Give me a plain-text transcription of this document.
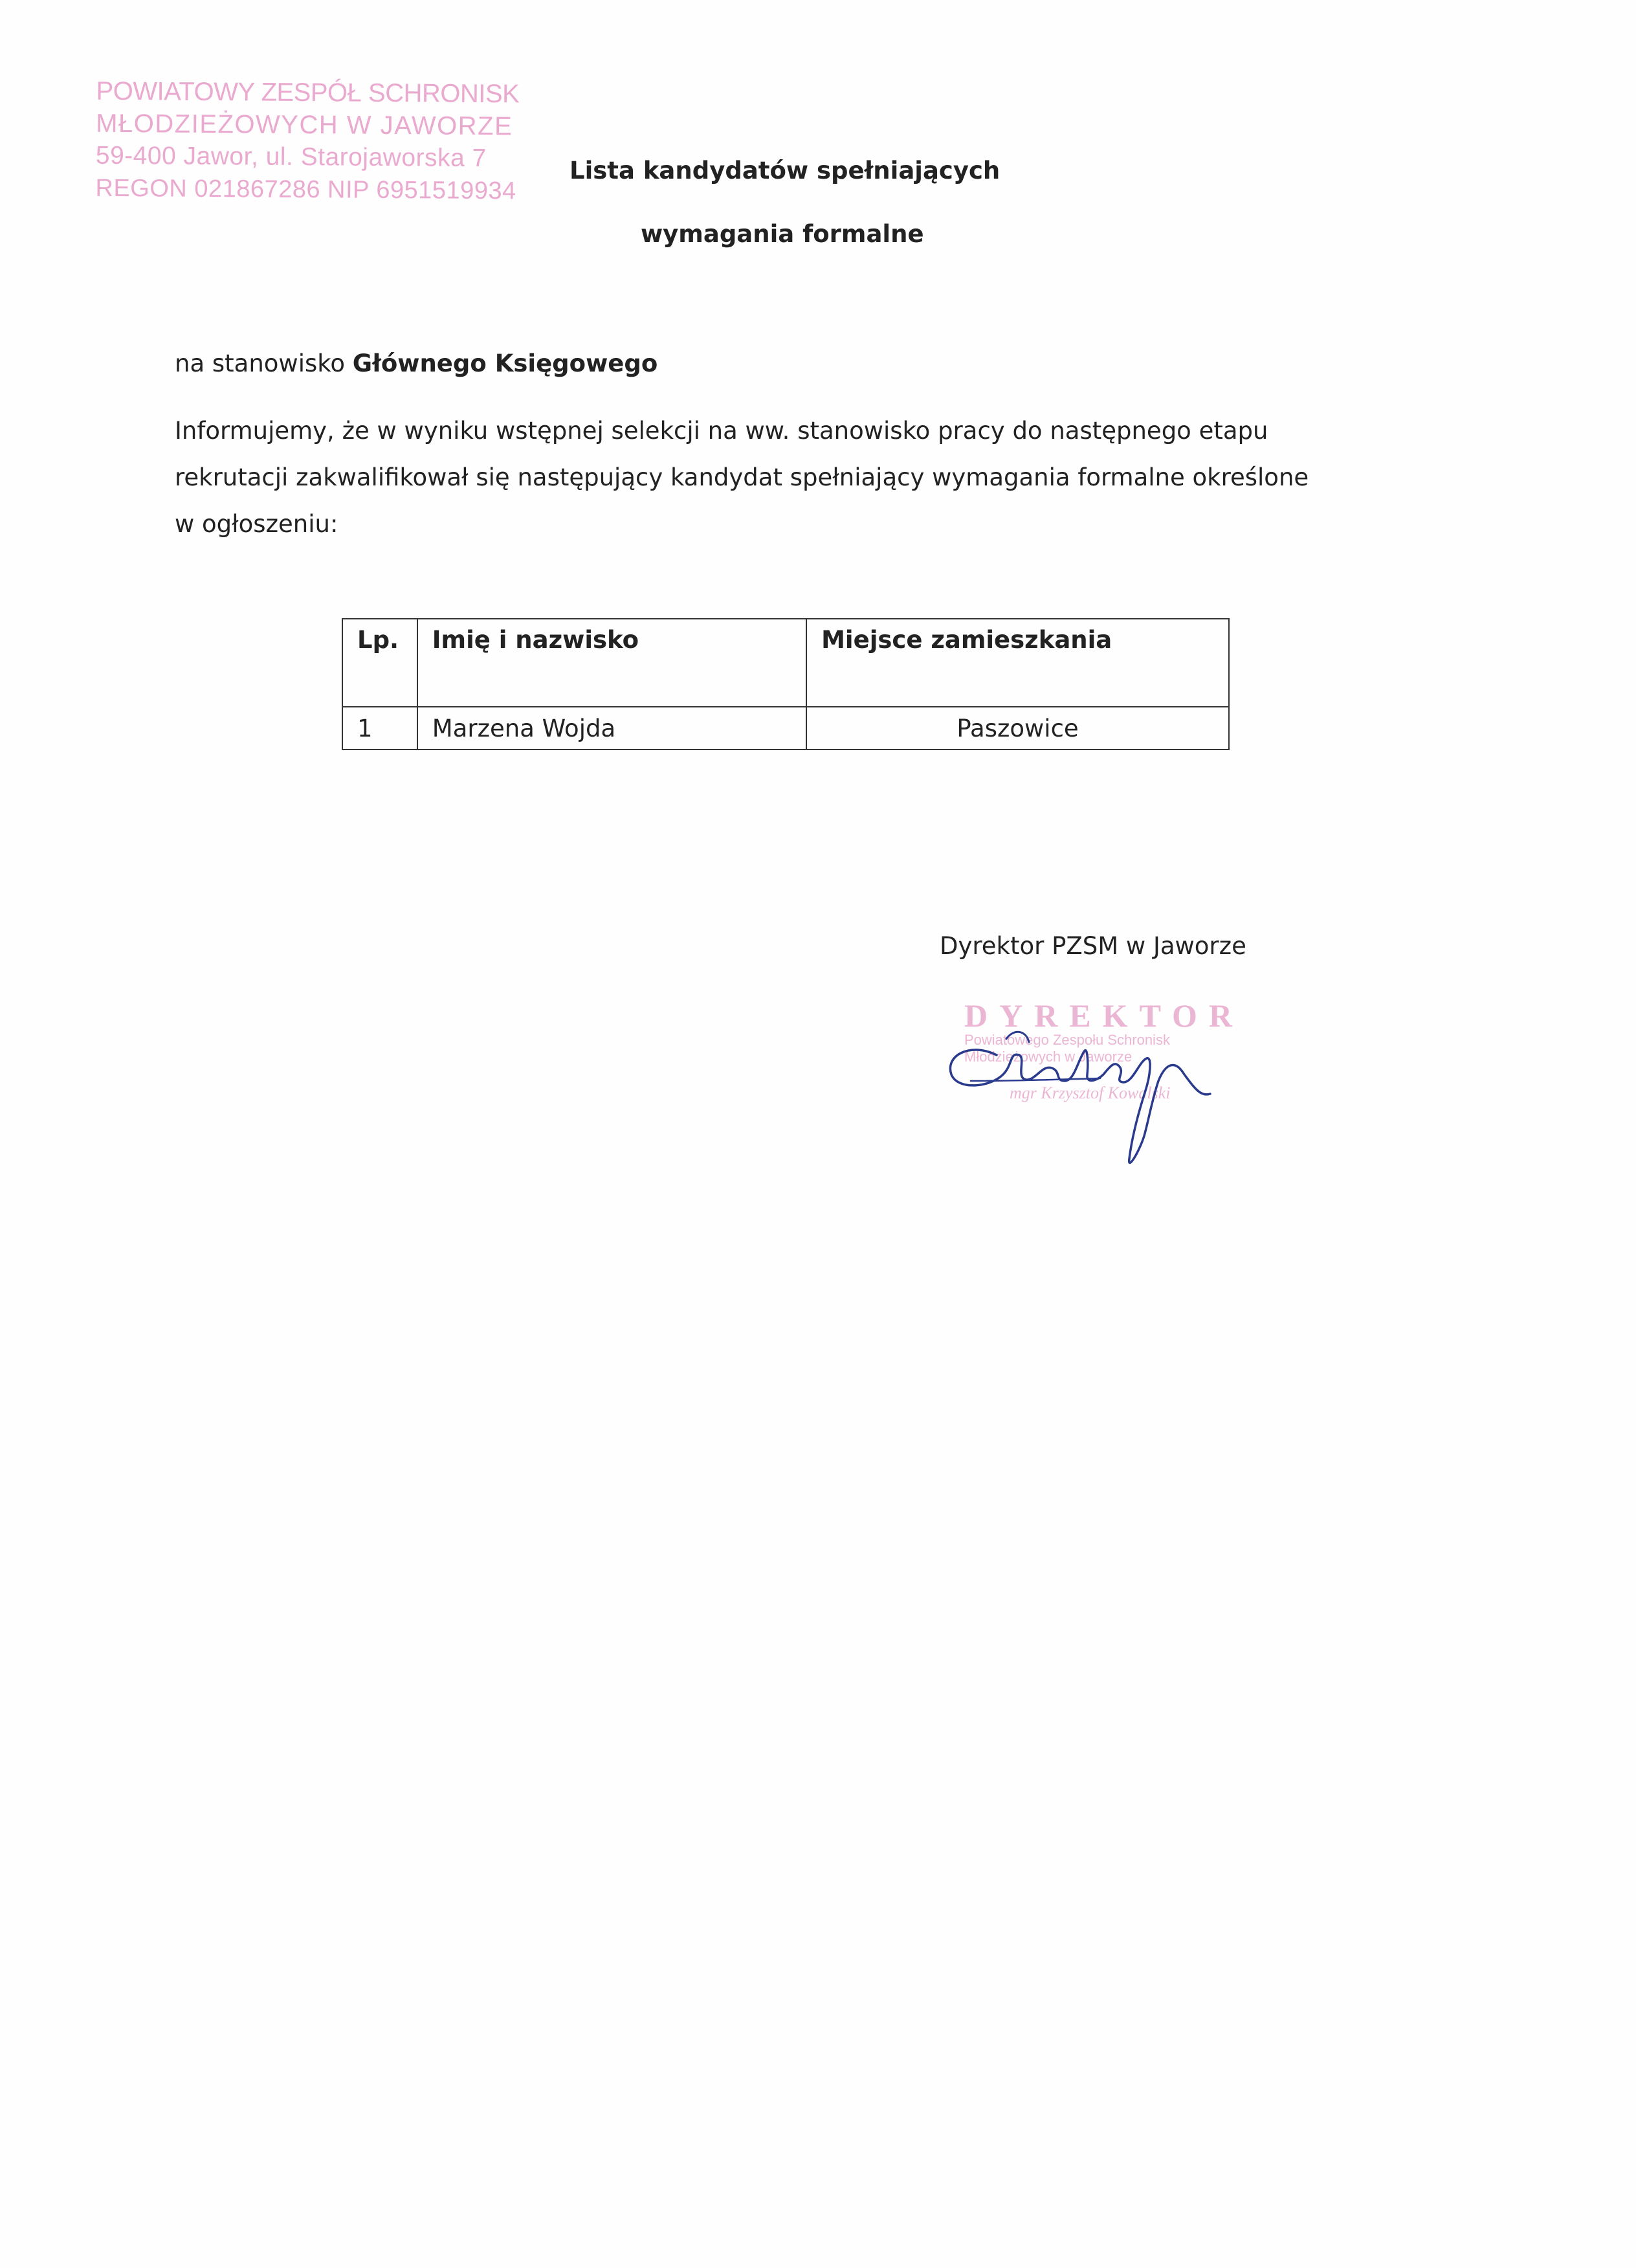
POWIATOWY ZESPÓŁ SCHRONISK
MŁODZIEŻOWYCH W JAWORZE
59-400 Jawor, ul. Starojaworska 7
REGON 021867286 NIP 6951519934
Lista kandydatów spełniających
wymagania formalne
na stanowisko Głównego Księgowego
Informujemy, że w wyniku wstępnej selekcji na ww. stanowisko pracy do następnego etapu
rekrutacji zakwalifikował się następujący kandydat spełniający wymagania formalne określone
w ogłoszeniu:
Lp.	Imię i nazwisko	Miejsce zamieszkania
1	Marzena Wojda	Paszowice
Dyrektor PZSM w Jaworze
DYREKTOR
Powiatowego Zespołu Schronisk
Młodzieżowych w Jaworze
mgr Krzysztof Kowalski
